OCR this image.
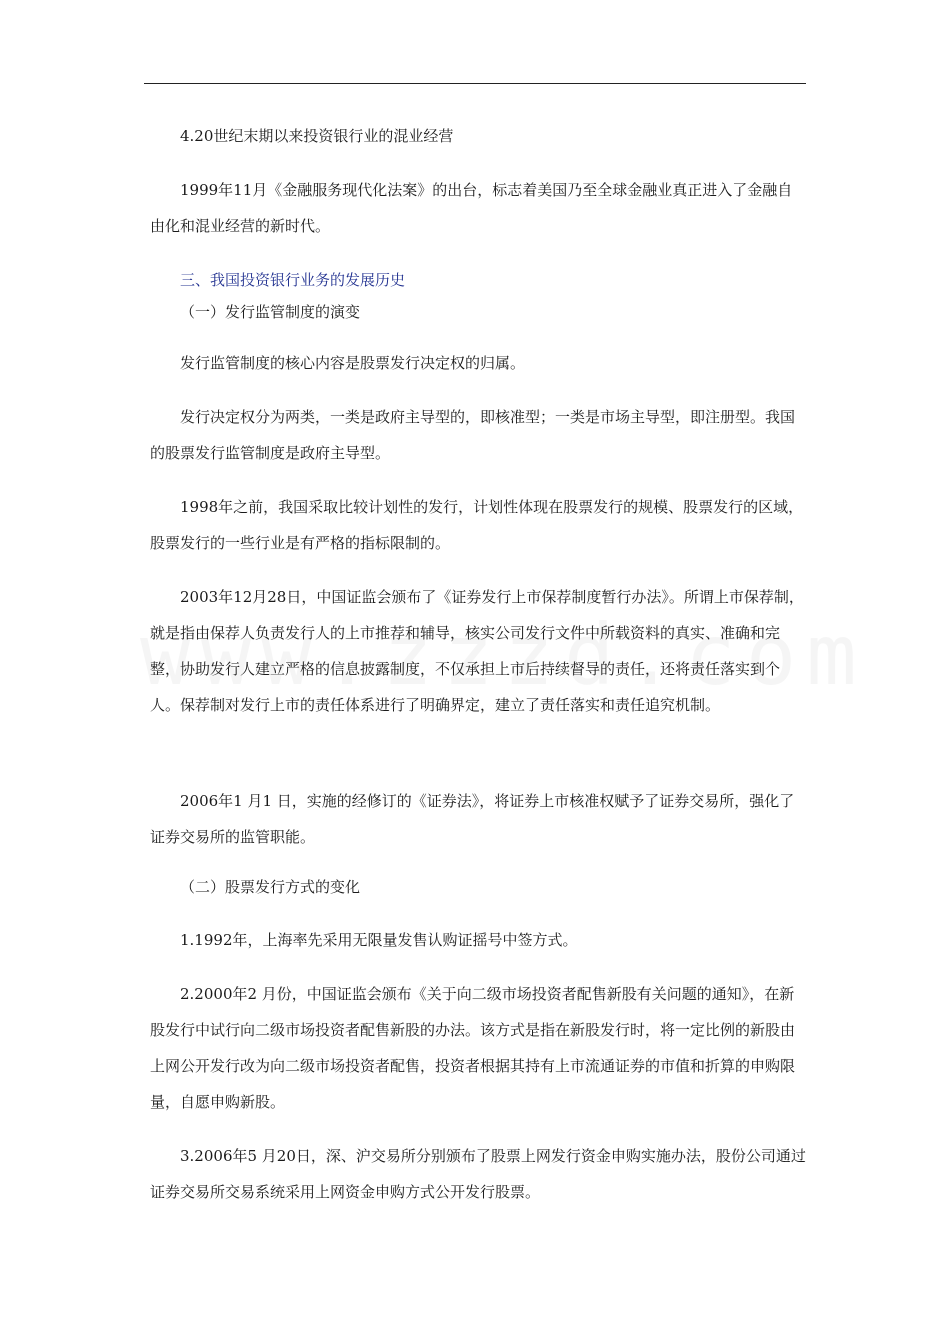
4.20世纪末期以来投资银行业的混业经营

1999年11月《金融服务现代化法案》的出台，标志着美国乃至全球金融业真正进入了金融自由化和混业经营的新时代。

三、我国投资银行业务的发展历史

（一）发行监管制度的演变

发行监管制度的核心内容是股票发行决定权的归属。

发行决定权分为两类，一类是政府主导型的，即核准型；一类是市场主导型，即注册型。我国的股票发行监管制度是政府主导型。

1998年之前，我国采取比较计划性的发行，计划性体现在股票发行的规模、股票发行的区域，股票发行的一些行业是有严格的指标限制的。

2003年12月28日，中国证监会颁布了《证券发行上市保荐制度暂行办法》。所谓上市保荐制，就是指由保荐人负责发行人的上市推荐和辅导，核实公司发行文件中所载资料的真实、准确和完整，协助发行人建立严格的信息披露制度，不仅承担上市后持续督导的责任，还将责任落实到个人。保荐制对发行上市的责任体系进行了明确界定，建立了责任落实和责任追究机制。

2006年1 月1 日，实施的经修订的《证券法》，将证券上市核准权赋予了证券交易所，强化了证券交易所的监管职能。

（二）股票发行方式的变化

1.1992年，上海率先采用无限量发售认购证摇号中签方式。

2.2000年2 月份，中国证监会颁布《关于向二级市场投资者配售新股有关问题的通知》，在新股发行中试行向二级市场投资者配售新股的办法。该方式是指在新股发行时，将一定比例的新股由上网公开发行改为向二级市场投资者配售，投资者根据其持有上市流通证券的市值和折算的申购限量，自愿申购新股。

3.2006年5 月20日，深、沪交易所分别颁布了股票上网发行资金申购实施办法，股份公司通过证券交易所交易系统采用上网资金申购方式公开发行股票。
